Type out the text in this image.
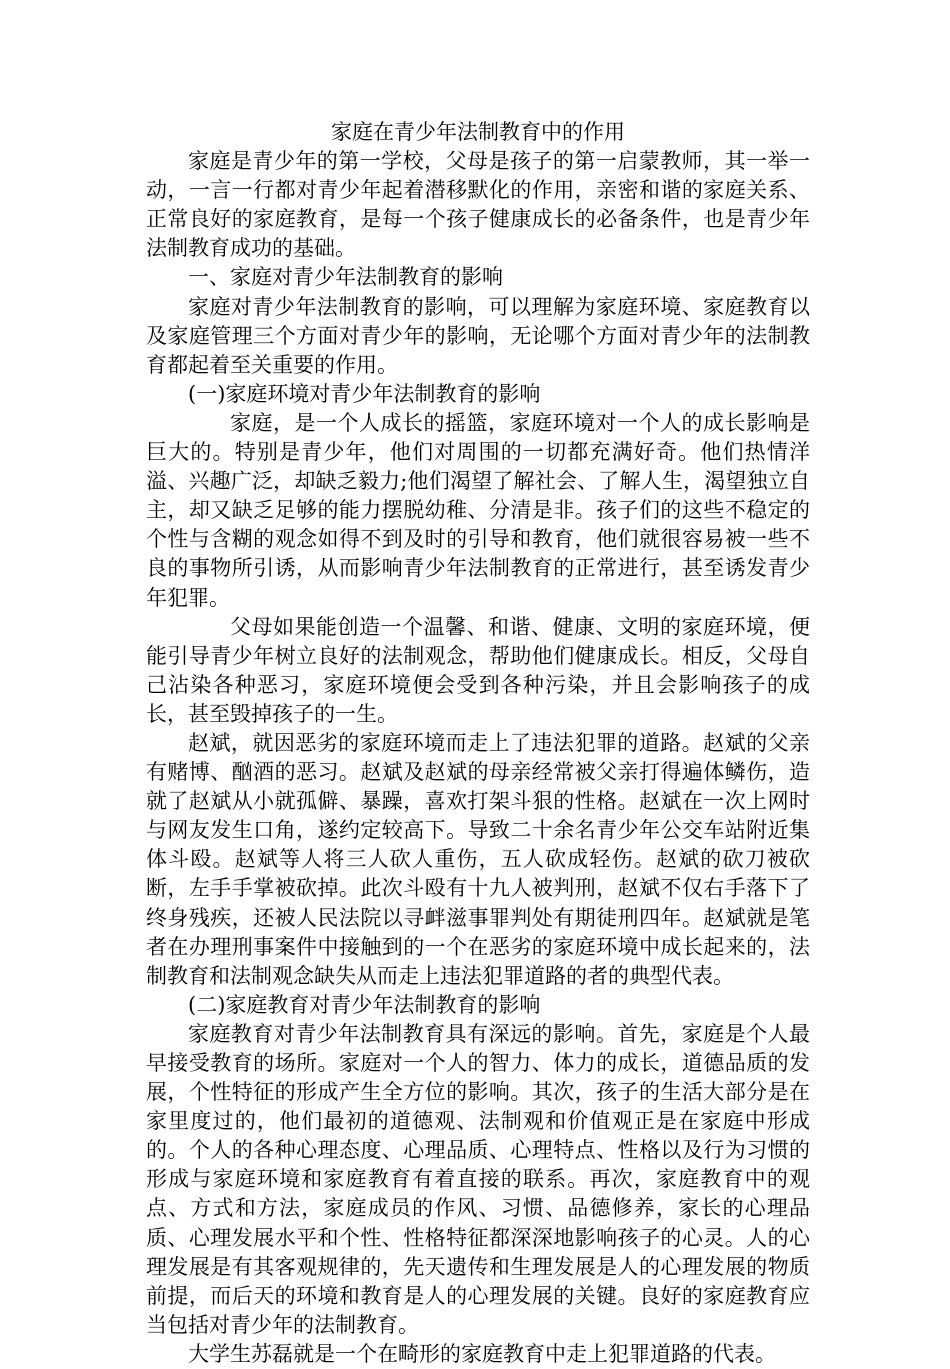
家庭在青少年法制教育中的作用

家庭是青少年的第一学校，父母是孩子的第一启蒙教师，其一举一动，一言一行都对青少年起着潜移默化的作用，亲密和谐的家庭关系、正常良好的家庭教育，是每一个孩子健康成长的必备条件，也是青少年法制教育成功的基础。

一、家庭对青少年法制教育的影响

家庭对青少年法制教育的影响，可以理解为家庭环境、家庭教育以及家庭管理三个方面对青少年的影响，无论哪个方面对青少年的法制教育都起着至关重要的作用。

(一)家庭环境对青少年法制教育的影响

家庭，是一个人成长的摇篮，家庭环境对一个人的成长影响是巨大的。特别是青少年，他们对周围的一切都充满好奇。他们热情洋溢、兴趣广泛，却缺乏毅力;他们渴望了解社会、了解人生，渴望独立自主，却又缺乏足够的能力摆脱幼稚、分清是非。孩子们的这些不稳定的个性与含糊的观念如得不到及时的引导和教育，他们就很容易被一些不良的事物所引诱，从而影响青少年法制教育的正常进行，甚至诱发青少年犯罪。

父母如果能创造一个温馨、和谐、健康、文明的家庭环境，便能引导青少年树立良好的法制观念，帮助他们健康成长。相反，父母自己沾染各种恶习，家庭环境便会受到各种污染，并且会影响孩子的成长，甚至毁掉孩子的一生。

赵斌，就因恶劣的家庭环境而走上了违法犯罪的道路。赵斌的父亲有赌博、酗酒的恶习。赵斌及赵斌的母亲经常被父亲打得遍体鳞伤，造就了赵斌从小就孤僻、暴躁，喜欢打架斗狠的性格。赵斌在一次上网时与网友发生口角，遂约定较高下。导致二十余名青少年公交车站附近集体斗殴。赵斌等人将三人砍人重伤，五人砍成轻伤。赵斌的砍刀被砍断，左手手掌被砍掉。此次斗殴有十九人被判刑，赵斌不仅右手落下了终身残疾，还被人民法院以寻衅滋事罪判处有期徒刑四年。赵斌就是笔者在办理刑事案件中接触到的一个在恶劣的家庭环境中成长起来的，法制教育和法制观念缺失从而走上违法犯罪道路的者的典型代表。

(二)家庭教育对青少年法制教育的影响

家庭教育对青少年法制教育具有深远的影响。首先，家庭是个人最早接受教育的场所。家庭对一个人的智力、体力的成长，道德品质的发展，个性特征的形成产生全方位的影响。其次，孩子的生活大部分是在家里度过的，他们最初的道德观、法制观和价值观正是在家庭中形成的。个人的各种心理态度、心理品质、心理特点、性格以及行为习惯的形成与家庭环境和家庭教育有着直接的联系。再次，家庭教育中的观点、方式和方法，家庭成员的作风、习惯、品德修养，家长的心理品质、心理发展水平和个性、性格特征都深深地影响孩子的心灵。人的心理发展是有其客观规律的，先天遗传和生理发展是人的心理发展的物质前提，而后天的环境和教育是人的心理发展的关键。良好的家庭教育应当包括对青少年的法制教育。

大学生苏磊就是一个在畸形的家庭教育中走上犯罪道路的代表。
